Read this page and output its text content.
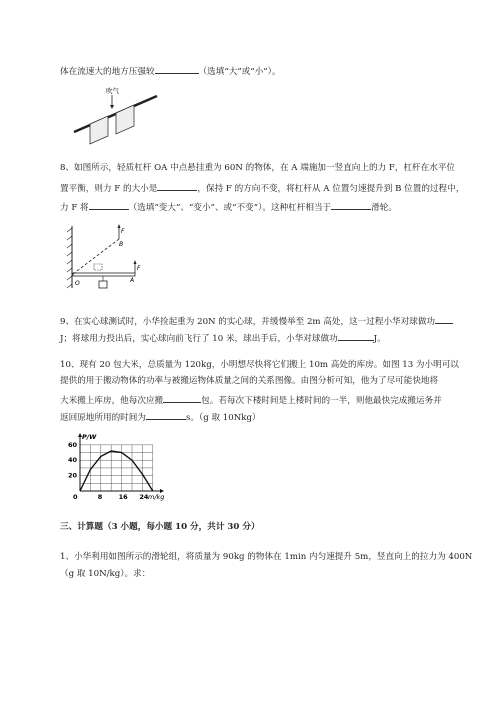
体在流速大的地方压强较	（选填“大”或“小”）。
吹气
8、如图所示，轻质杠杆 OA 中点悬挂重为 60N 的物体，在 A 端施加一竖直向上的力 F，杠杆在水平位
置平衡，则力 F 的大小是	，保持 F 的方向不变，将杠杆从 A 位置匀速提升到 B 位置的过程中，
力 F 将	（选填“变大”、“变小”、或“不变”）。这种杠杆相当于	滑轮。
F
B
O	A
F
9、在实心球测试时，小华捡起重为 20N 的实心球，并缓慢举至 2m 高处，这一过程小华对球做功
J；将球用力投出后，实心球向前飞行了 10 米，球出手后，小华对球做功	J。
10、现有 20 包大米，总质量为 120kg，小明想尽快将它们搬上 10m 高处的库房。如图 13 为小明可以
提供的用于搬动物体的功率与被搬运物体质量之间的关系图像。由图分析可知，他为了尽可能快地将
大米搬上库房，他每次应搬	包。若每次下楼时间是上楼时间的一半，则他最快完成搬运务并
返回原地所用的时间为	s。（g 取 10Nkg）
0	8	16 24
20
40
60
P/W
m/kg
三、计算题（3 小题，每小题 10 分，共计 30 分）
1、小华利用如图所示的滑轮组，将质量为 90kg 的物体在 1min 内匀速提升 5m，竖直向上的拉力为 400N
（g 取 10N/kg）。求：
